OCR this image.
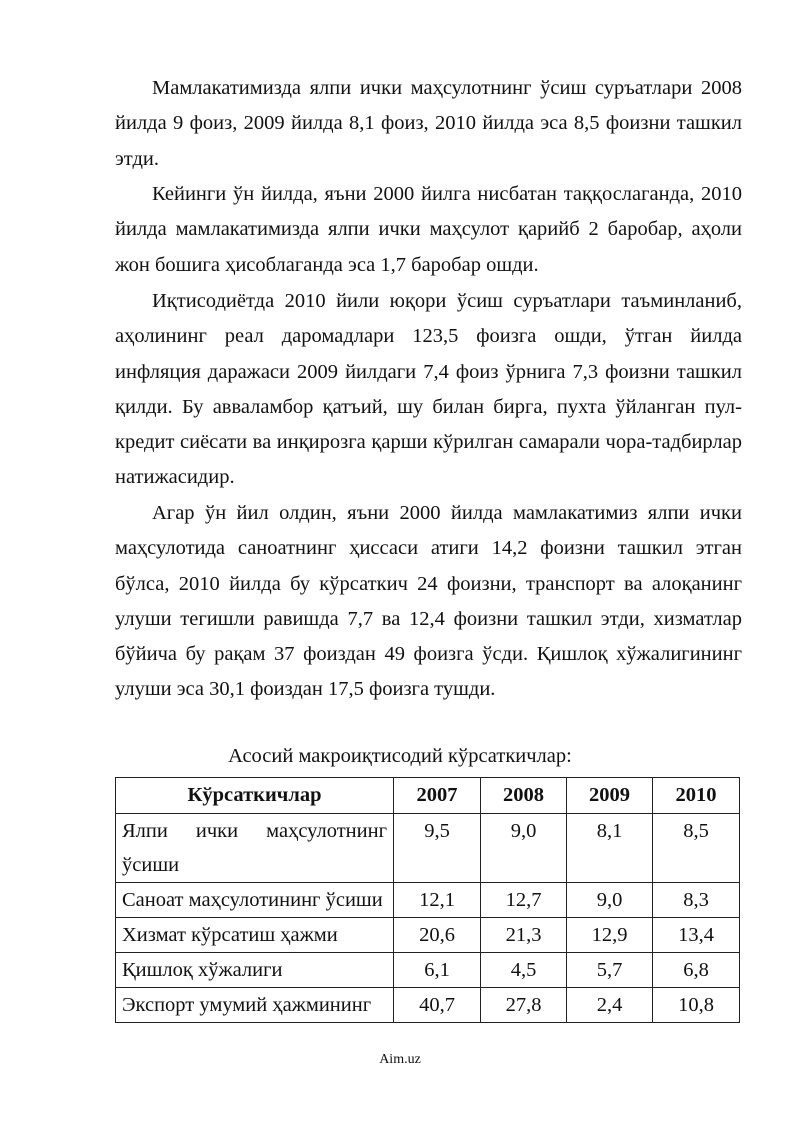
Мамлакатимизда ялпи ички маҳсулотнинг ўсиш суръатлари 2008 йилда 9 фоиз, 2009 йилда 8,1 фоиз, 2010 йилда эса 8,5 фоизни ташкил этди.

Кейинги ўн йилда, яъни 2000 йилга нисбатан таққослаганда, 2010 йилда мамлакатимизда ялпи ички маҳсулот қарийб 2 баробар, аҳоли жон бошига ҳисоблаганда эса 1,7 баробар ошди.

Иқтисодиётда 2010 йили юқори ўсиш суръатлари таъминланиб, аҳолининг реал даромадлари 123,5 фоизга ошди, ўтган йилда инфляция даражаси 2009 йилдаги 7,4 фоиз ўрнига 7,3 фоизни ташкил қилди. Бу авваламбор қатъий, шу билан бирга, пухта ўйланган пул-кредит сиёсати ва инқирозга қарши кўрилган самарали чора-тадбирлар натижасидир.

Агар ўн йил олдин, яъни 2000 йилда мамлакатимиз ялпи ички маҳсулотида саноатнинг ҳиссаси атиги 14,2 фоизни ташкил этган бўлса, 2010 йилда бу кўрсаткич 24 фоизни, транспорт ва алоқанинг улуши тегишли равишда 7,7 ва 12,4 фоизни ташкил этди, хизматлар бўйича бу рақам 37 фоиздан 49 фоизга ўсди. Қишлоқ хўжалигининг улуши эса 30,1 фоиздан 17,5 фоизга тушди.

Асосий макроиқтисодий кўрсаткичлар:

Кўрсаткичлар	2007	2008	2009	2010
Ялпи ички маҳсулотнинг ўсиши	9,5	9,0	8,1	8,5
Саноат маҳсулотининг ўсиши	12,1	12,7	9,0	8,3
Хизмат кўрсатиш ҳажми	20,6	21,3	12,9	13,4
Қишлоқ хўжалиги	6,1	4,5	5,7	6,8
Экспорт умумий ҳажмининг	40,7	27,8	2,4	10,8

Aim.uz
